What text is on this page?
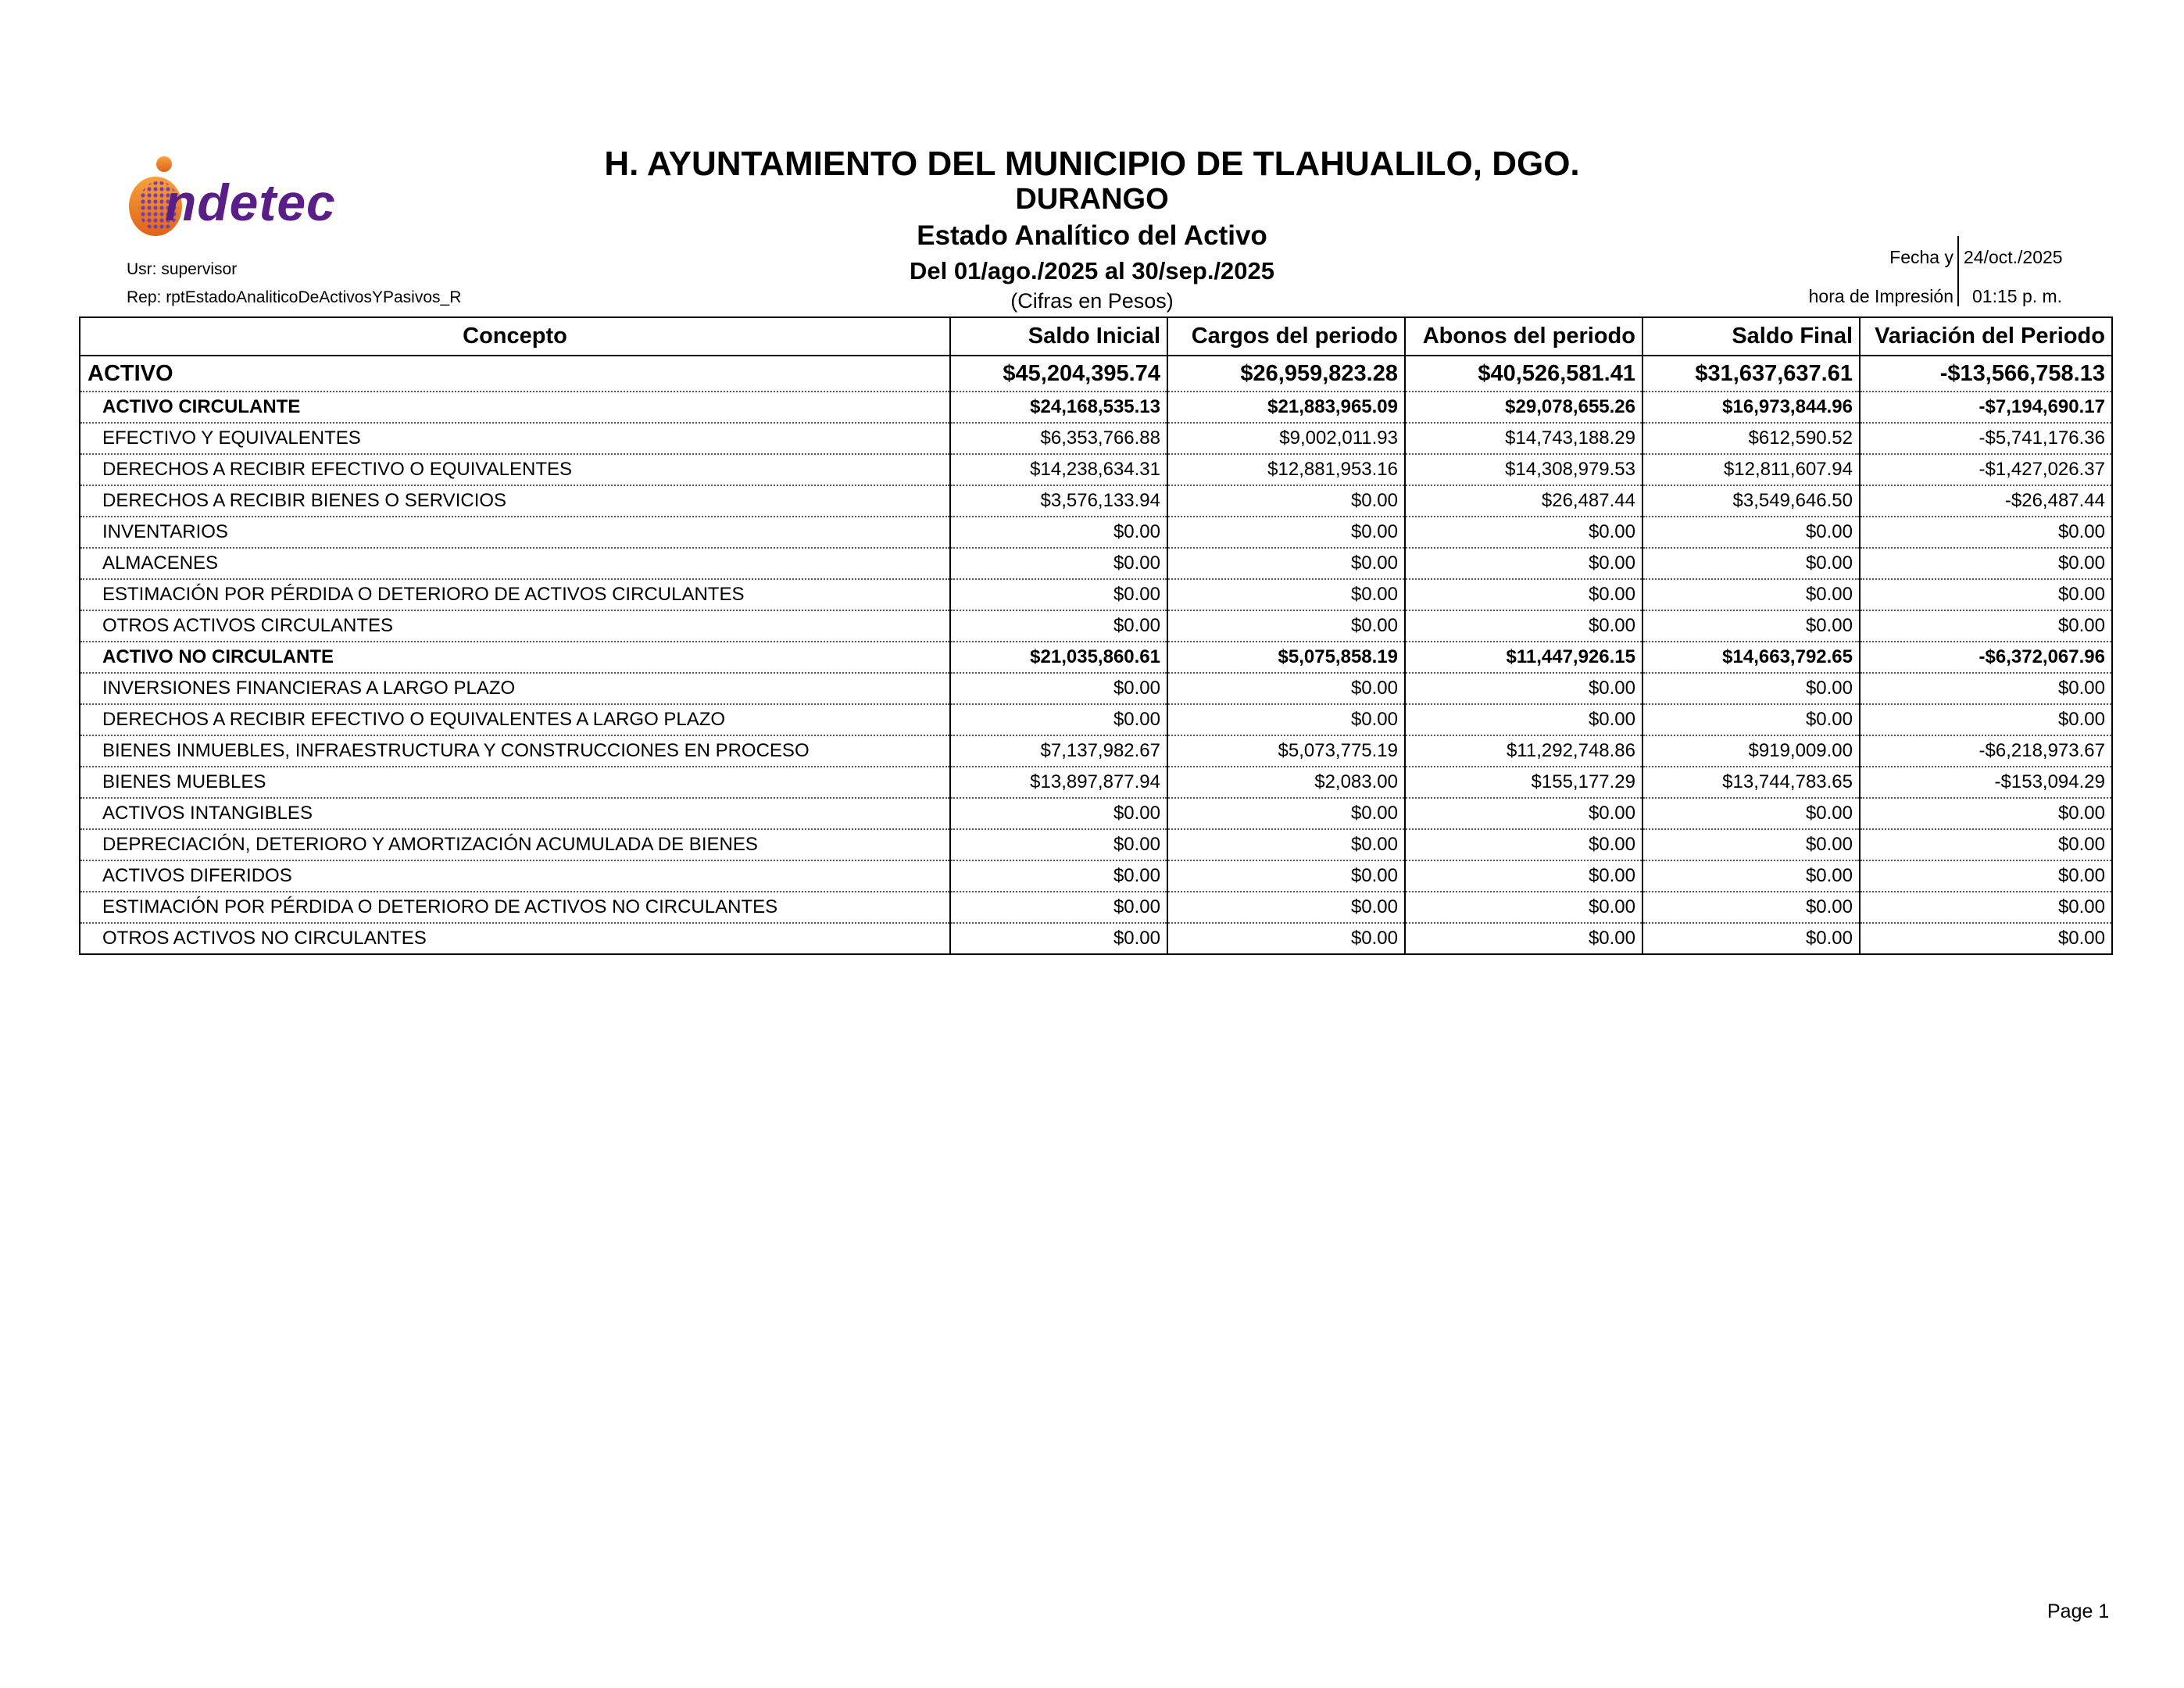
ndetec
H. AYUNTAMIENTO DEL MUNICIPIO DE TLAHUALILO, DGO.
DURANGO
Estado Analítico del Activo
Del 01/ago./2025 al 30/sep./2025
(Cifras en Pesos)
Usr: supervisor
Rep: rptEstadoAnaliticoDeActivosYPasivos_R
Fecha y 24/oct./2025
hora de Impresión 01:15 p. m.
Concepto	Saldo Inicial	Cargos del periodo	Abonos del periodo	Saldo Final	Variación del Periodo
ACTIVO	$45,204,395.74	$26,959,823.28	$40,526,581.41	$31,637,637.61	-$13,566,758.13
ACTIVO CIRCULANTE	$24,168,535.13	$21,883,965.09	$29,078,655.26	$16,973,844.96	-$7,194,690.17
EFECTIVO Y EQUIVALENTES	$6,353,766.88	$9,002,011.93	$14,743,188.29	$612,590.52	-$5,741,176.36
DERECHOS A RECIBIR EFECTIVO O EQUIVALENTES	$14,238,634.31	$12,881,953.16	$14,308,979.53	$12,811,607.94	-$1,427,026.37
DERECHOS A RECIBIR BIENES O SERVICIOS	$3,576,133.94	$0.00	$26,487.44	$3,549,646.50	-$26,487.44
INVENTARIOS	$0.00	$0.00	$0.00	$0.00	$0.00
ALMACENES	$0.00	$0.00	$0.00	$0.00	$0.00
ESTIMACIÓN POR PÉRDIDA O DETERIORO DE ACTIVOS CIRCULANTES	$0.00	$0.00	$0.00	$0.00	$0.00
OTROS ACTIVOS CIRCULANTES	$0.00	$0.00	$0.00	$0.00	$0.00
ACTIVO NO CIRCULANTE	$21,035,860.61	$5,075,858.19	$11,447,926.15	$14,663,792.65	-$6,372,067.96
INVERSIONES FINANCIERAS A LARGO PLAZO	$0.00	$0.00	$0.00	$0.00	$0.00
DERECHOS A RECIBIR EFECTIVO O EQUIVALENTES A LARGO PLAZO	$0.00	$0.00	$0.00	$0.00	$0.00
BIENES INMUEBLES, INFRAESTRUCTURA Y CONSTRUCCIONES EN PROCESO	$7,137,982.67	$5,073,775.19	$11,292,748.86	$919,009.00	-$6,218,973.67
BIENES MUEBLES	$13,897,877.94	$2,083.00	$155,177.29	$13,744,783.65	-$153,094.29
ACTIVOS INTANGIBLES	$0.00	$0.00	$0.00	$0.00	$0.00
DEPRECIACIÓN, DETERIORO Y AMORTIZACIÓN ACUMULADA DE BIENES	$0.00	$0.00	$0.00	$0.00	$0.00
ACTIVOS DIFERIDOS	$0.00	$0.00	$0.00	$0.00	$0.00
ESTIMACIÓN POR PÉRDIDA O DETERIORO DE ACTIVOS NO CIRCULANTES	$0.00	$0.00	$0.00	$0.00	$0.00
OTROS ACTIVOS NO CIRCULANTES	$0.00	$0.00	$0.00	$0.00	$0.00
Page 1
